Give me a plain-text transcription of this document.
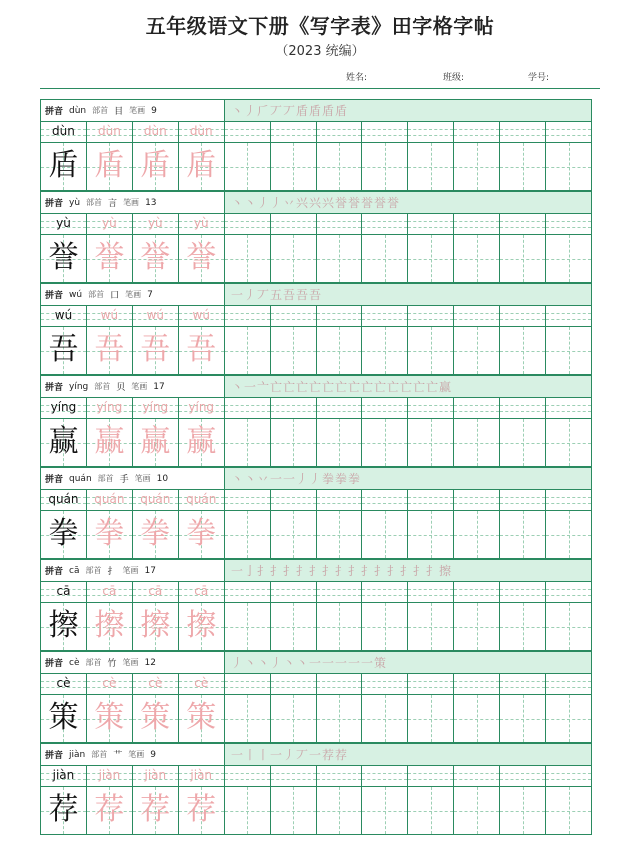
五年级语文下册《写字表》田字格字帖
（2023 统编）
姓名:	班级:	学号:
拼音 dùn 部首 目 笔画 9	丶丿𠂆丆丆盾盾盾盾
dùn	dùn	dùn	dùn
盾 盾 盾 盾
拼音 yù 部首 言 笔画 13	丶丶丿丿丷兴兴兴誉誉誉誉誉
yù	yù	yù	yù
誉 誉 誉 誉
拼音 wú 部首 口 笔画 7	一丿丆五吾吾吾
wú	wú	wú	wú
吾 吾 吾 吾
拼音 yíng 部首 贝 笔画 17	丶一亠亡亡亡亡亡亡亡亡亡亡亡亡亡赢
yíng	yíng	yíng	yíng
赢 赢 赢 赢
拼音 quán 部首 手 笔画 10	丶丶丷一一丿丿拳拳拳
quán	quán	quán	quán
拳 拳 拳 拳
拼音 cā 部首 扌 笔画 17	一亅扌扌扌扌扌扌扌扌扌扌扌扌扌扌擦
cā	cā	cā	cā
擦 擦 擦 擦
拼音 cè 部首 竹 笔画 12	丿丶丶丿丶丶一一一一一策
cè	cè	cè	cè
策 策 策 策
拼音 jiàn 部首 艹 笔画 9	一丨丨一丿丆一荐荐
jiàn	jiàn	jiàn	jiàn
荐 荐 荐 荐
